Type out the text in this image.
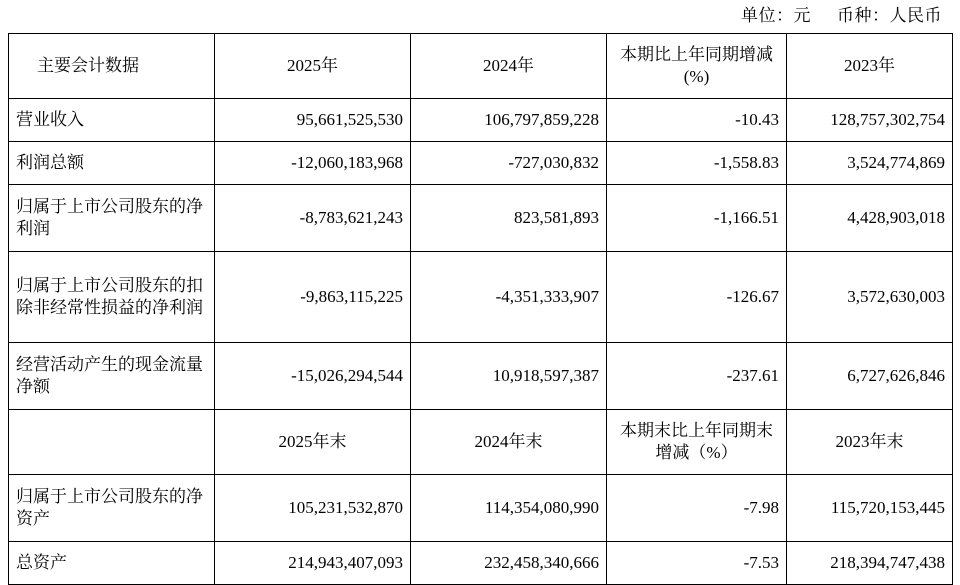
单位：元 币种：人民币
主要会计数据	2025年	2024年	本期比上年同期增减(%)	2023年
营业收入	95,661,525,530	106,797,859,228	-10.43	128,757,302,754
利润总额	-12,060,183,968	-727,030,832	-1,558.83	3,524,774,869
归属于上市公司股东的净利润	-8,783,621,243	823,581,893	-1,166.51	4,428,903,018
归属于上市公司股东的扣除非经常性损益的净利润	-9,863,115,225	-4,351,333,907	-126.67	3,572,630,003
经营活动产生的现金流量净额	-15,026,294,544	10,918,597,387	-237.61	6,727,626,846
	2025年末	2024年末	本期末比上年同期末增减（%）	2023年末
归属于上市公司股东的净资产	105,231,532,870	114,354,080,990	-7.98	115,720,153,445
总资产	214,943,407,093	232,458,340,666	-7.53	218,394,747,438
